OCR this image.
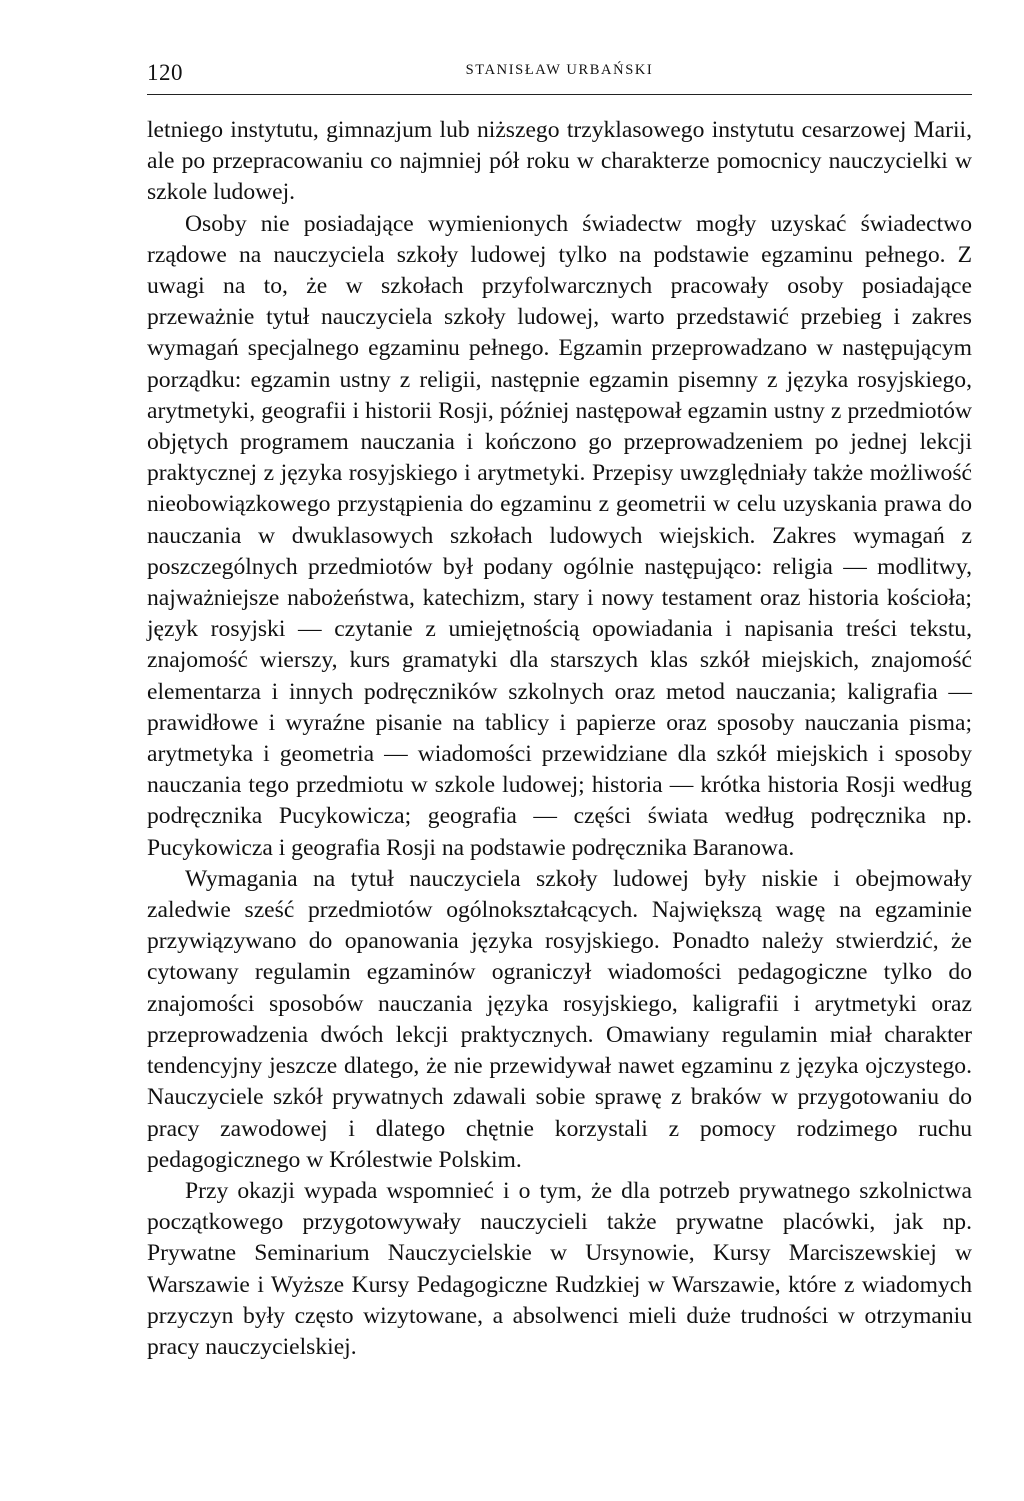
120	STANISŁAW URBAŃSKI

letniego instytutu, gimnazjum lub niższego trzyklasowego instytutu cesarzowej Marii, ale po przepracowaniu co najmniej pół roku w charakterze pomocnicy nauczycielki w szkole ludowej.

Osoby nie posiadające wymienionych świadectw mogły uzyskać świadectwo rządowe na nauczyciela szkoły ludowej tylko na podstawie egzaminu pełnego. Z uwagi na to, że w szkołach przyfolwarcznych pracowały osoby posiadające przeważnie tytuł nauczyciela szkoły ludowej, warto przedstawić przebieg i zakres wymagań specjalnego egzaminu pełnego. Egzamin przeprowadzano w następującym porządku: egzamin ustny z religii, następnie egzamin pisemny z języka rosyjskiego, arytmetyki, geografii i historii Rosji, później następował egzamin ustny z przedmiotów objętych programem nauczania i kończono go przeprowadzeniem po jednej lekcji praktycznej z języka rosyjskiego i arytmetyki. Przepisy uwzględniały także możliwość nieobowiązkowego przystąpienia do egzaminu z geometrii w celu uzyskania prawa do nauczania w dwuklasowych szkołach ludowych wiejskich. Zakres wymagań z poszczególnych przedmiotów był podany ogólnie następująco: religia — modlitwy, najważniejsze nabożeństwa, katechizm, stary i nowy testament oraz historia kościoła; język rosyjski — czytanie z umiejętnością opowiadania i napisania treści tekstu, znajomość wierszy, kurs gramatyki dla starszych klas szkół miejskich, znajomość elementarza i innych podręczników szkolnych oraz metod nauczania; kaligrafia — prawidłowe i wyraźne pisanie na tablicy i papierze oraz sposoby nauczania pisma; arytmetyka i geometria — wiadomości przewidziane dla szkół miejskich i sposoby nauczania tego przedmiotu w szkole ludowej; historia — krótka historia Rosji według podręcznika Pucykowicza; geografia — części świata według podręcznika np. Pucykowicza i geografia Rosji na podstawie podręcznika Baranowa.

Wymagania na tytuł nauczyciela szkoły ludowej były niskie i obejmowały zaledwie sześć przedmiotów ogólnokształcących. Największą wagę na egzaminie przywiązywano do opanowania języka rosyjskiego. Ponadto należy stwierdzić, że cytowany regulamin egzaminów ograniczył wiadomości pedagogiczne tylko do znajomości sposobów nauczania języka rosyjskiego, kaligrafii i arytmetyki oraz przeprowadzenia dwóch lekcji praktycznych. Omawiany regulamin miał charakter tendencyjny jeszcze dlatego, że nie przewidywał nawet egzaminu z języka ojczystego. Nauczyciele szkół prywatnych zdawali sobie sprawę z braków w przygotowaniu do pracy zawodowej i dlatego chętnie korzystali z pomocy rodzimego ruchu pedagogicznego w Królestwie Polskim.

Przy okazji wypada wspomnieć i o tym, że dla potrzeb prywatnego szkolnictwa początkowego przygotowywały nauczycieli także prywatne placówki, jak np. Prywatne Seminarium Nauczycielskie w Ursynowie, Kursy Marciszewskiej w Warszawie i Wyższe Kursy Pedagogiczne Rudzkiej w Warszawie, które z wiadomych przyczyn były często wizytowane, a absolwenci mieli duże trudności w otrzymaniu pracy nauczycielskiej.
